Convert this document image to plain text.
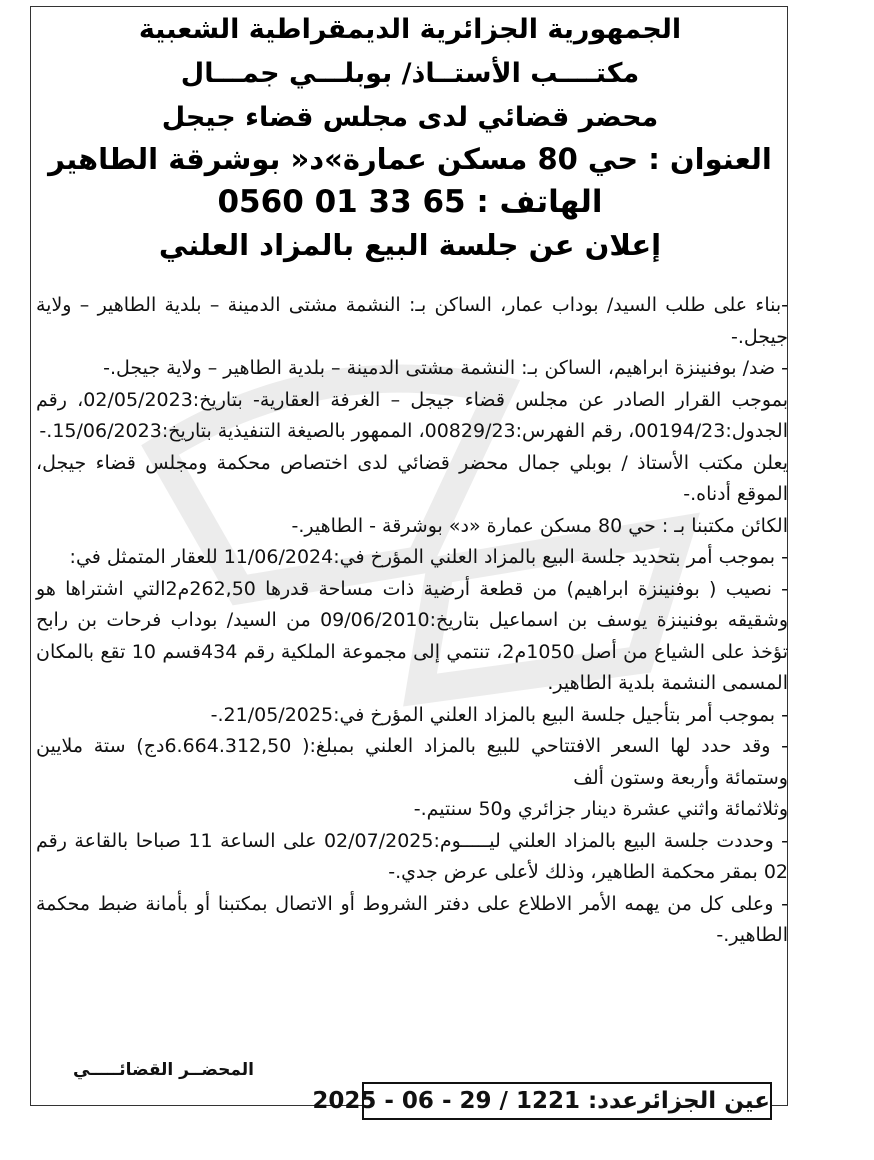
الجمهورية الجزائرية الديمقراطية الشعبية
مكتــــب الأستــاذ/ بوبلـــي جمـــال
محضر قضائي لدى مجلس قضاء جيجل
العنوان : حي 80 مسكن عمارة»د« بوشرقة الطاهير
الهاتف : 65 33 01 0560
إعلان عن جلسة البيع بالمزاد العلني

-بناء على طلب السيد/ بوداب عمار، الساكن بـ: النشمة مشتى الدمينة – بلدية الطاهير – ولاية جيجل.-

- ضد/ بوفنينزة ابراهيم، الساكن بـ: النشمة مشتى الدمينة – بلدية الطاهير – ولاية جيجل.-

بموجب القرار الصادر عن مجلس قضاء جيجل – الغرفة العقارية- بتاريخ:02/05/2023، رقم الجدول:00194/23، رقم الفهرس:00829/23، الممهور بالصيغة التنفيذية بتاريخ:15/06/2023.-

يعلن مكتب الأستاذ / بوبلي جمال محضر قضائي لدى اختصاص محكمة ومجلس قضاء جيجل، الموقع أدناه.-

الكائن مكتبنا بـ : حي 80 مسكن عمارة «د» بوشرقة - الطاهير.-

- بموجب أمر بتحديد جلسة البيع بالمزاد العلني المؤرخ في:11/06/2024 للعقار المتمثل في:

- نصيب ( بوفنينزة ابراهيم) من قطعة أرضية ذات مساحة قدرها 262,50م2التي اشتراها هو وشقيقه بوفنينزة يوسف بن اسماعيل بتاريخ:09/06/2010 من السيد/ بوداب فرحات بن رابح تؤخذ على الشياع من أصل 1050م2، تنتمي إلى مجموعة الملكية رقم 434قسم 10 تقع بالمكان المسمى النشمة بلدية الطاهير.

- بموجب أمر بتأجيل جلسة البيع بالمزاد العلني المؤرخ في:21/05/2025.-

- وقد حدد لها السعر الافتتاحي للبيع بالمزاد العلني بمبلغ:( 6.664.312,50دج) ستة ملايين وستمائة وأربعة وستون ألف

وثلاثمائة واثني عشرة دينار جزائري و50 سنتيم.-

- وحددت جلسة البيع بالمزاد العلني ليـــــوم:02/07/2025 على الساعة 11 صباحا بالقاعة رقم 02 بمقر محكمة الطاهير، وذلك لأعلى عرض جدي.-

- وعلى كل من يهمه الأمر الاطلاع على دفتر الشروط أو الاتصال بمكتبنا أو بأمانة ضبط محكمة الطاهير.-

المحضــر القضائـــــي
عين الجزائرعدد: 1221 / 29 - 06 - 2025
